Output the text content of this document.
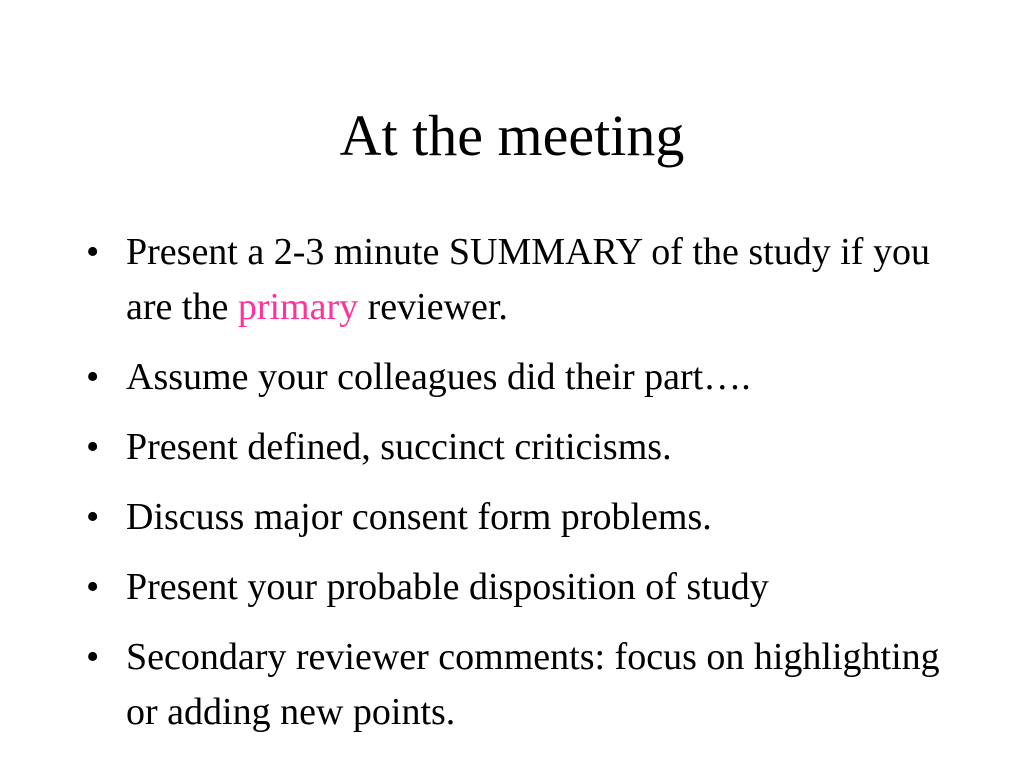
At the meeting
• Present a 2-3 minute SUMMARY of the study if you are the primary reviewer.
• Assume your colleagues did their part….
• Present defined, succinct criticisms.
• Discuss major consent form problems.
• Present your probable disposition of study
• Secondary reviewer comments: focus on highlighting or adding new points.
